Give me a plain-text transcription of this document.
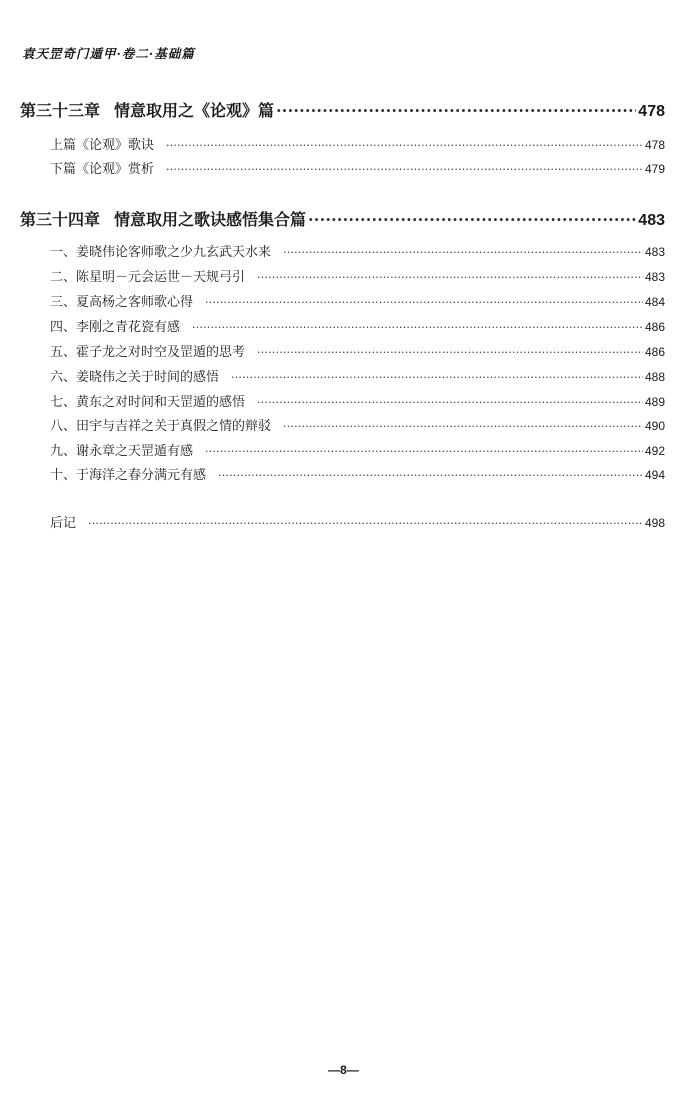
袁天罡奇门遁甲·卷二·基础篇
第三十三章 情意取用之《论观》篇 ·····	478
上篇《论观》歌诀 ·····	478
下篇《论观》赏析 ·····	479
第三十四章 情意取用之歌诀感悟集合篇 ·····	483
一、姜晓伟论客师歌之少九玄武天水来 ·····	483
二、陈星明－元会运世－天规弓引 ·····	483
三、夏高杨之客师歌心得 ·····	484
四、李刚之青花瓷有感 ·····	486
五、霍子龙之对时空及罡遁的思考 ·····	486
六、姜晓伟之关于时间的感悟 ·····	488
七、黄东之对时间和天罡遁的感悟 ·····	489
八、田宇与吉祥之关于真假之情的辩驳 ·····	490
九、谢永章之天罡遁有感 ·····	492
十、于海洋之春分满元有感 ·····	494
后记 ·····	498
—8—
